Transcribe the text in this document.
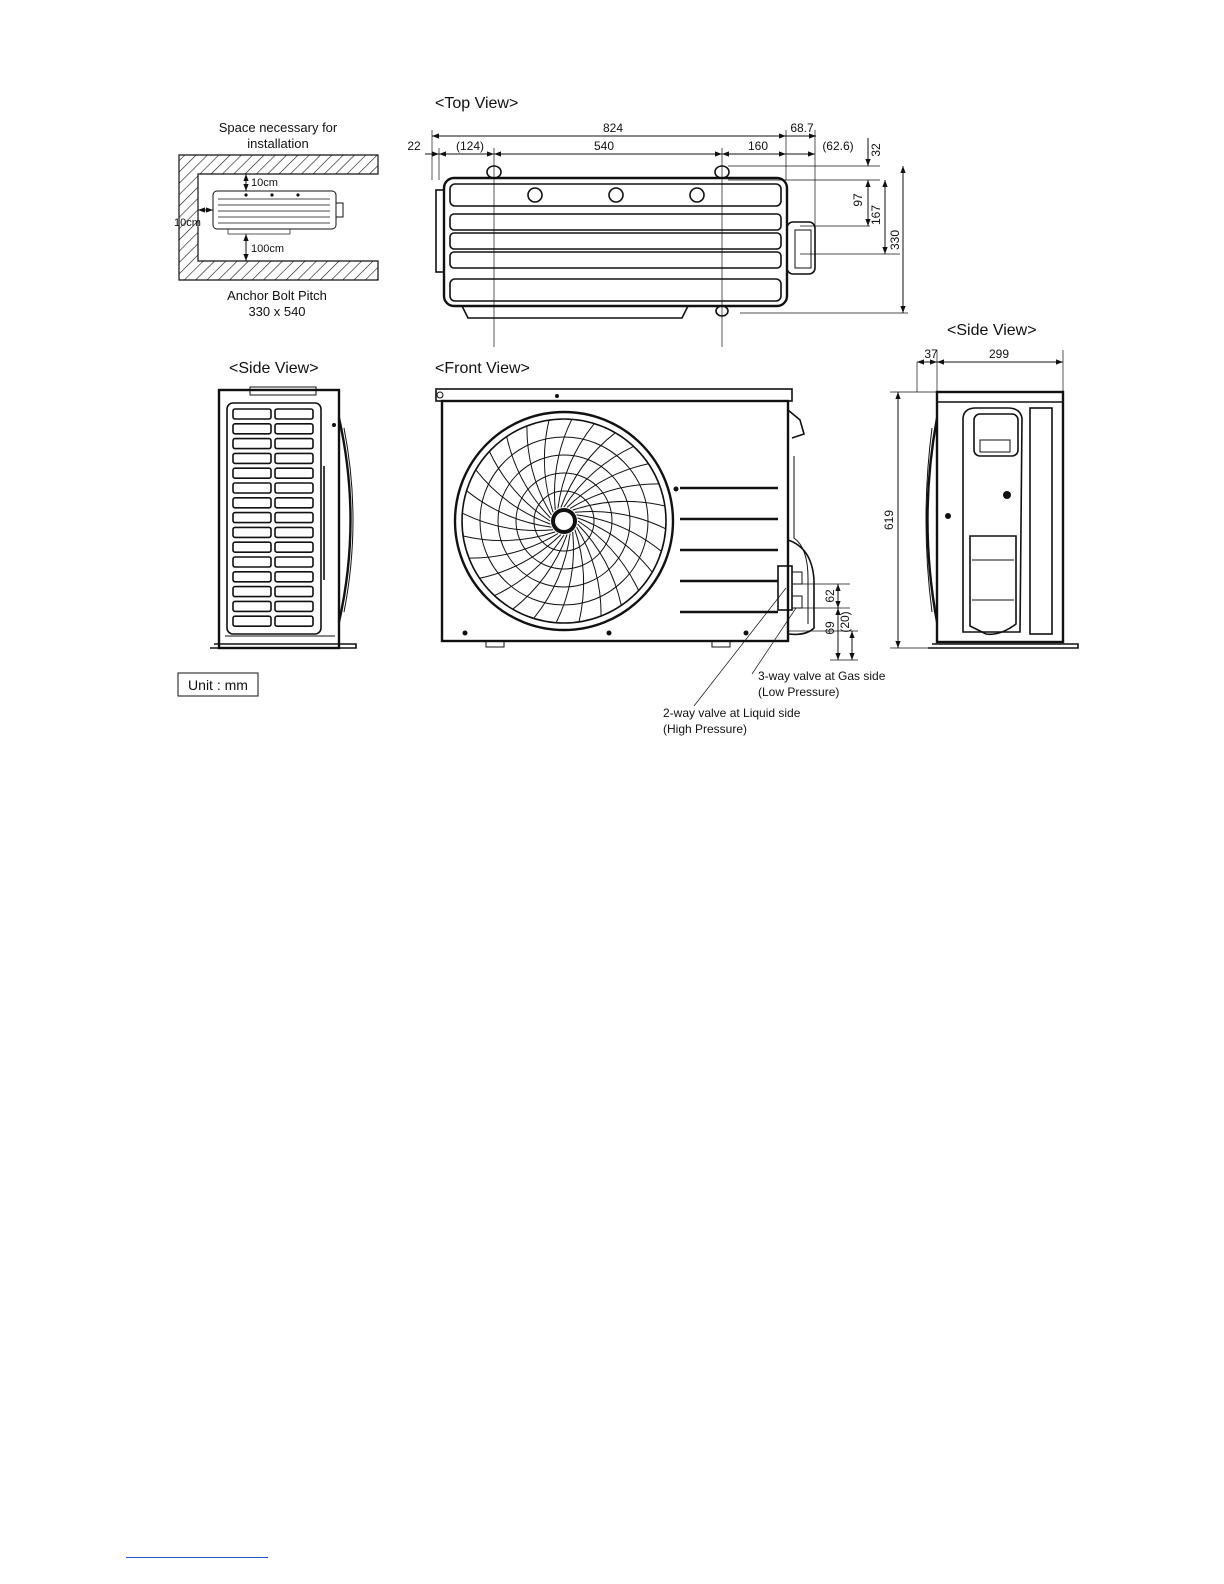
Space necessary for
installation
10cm
10cm
100cm
Anchor Bolt Pitch
330 x 540
<Top View>
824	68.7
22	(124)	540	160	(62.6) 32
97
167
330
<Side View>	<Front View>
62
69 (20)
3-way valve at Gas side
(Low Pressure)
2-way valve at Liquid side
(High Pressure)
<Side View>
37	299
619
Unit : mm
